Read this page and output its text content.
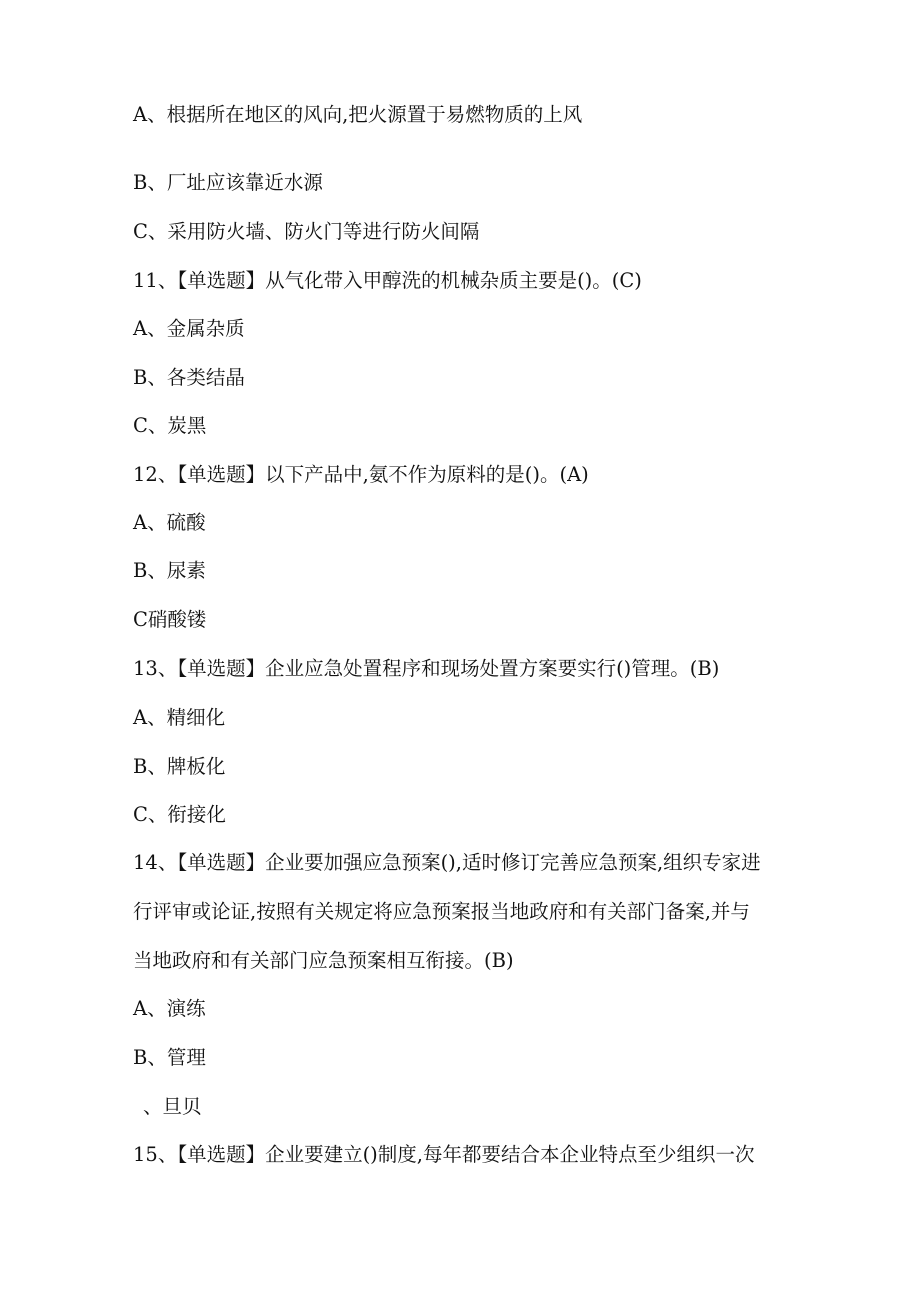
A、根据所在地区的风向,把火源置于易燃物质的上风
B、厂址应该靠近水源
C、采用防火墙、防火门等进行防火间隔
11、【单选题】从气化带入甲醇洗的机械杂质主要是()。(C)
A、金属杂质
B、各类结晶
C、炭黑
12、【单选题】以下产品中,氨不作为原料的是()。(A)
A、硫酸
B、尿素
C硝酸镂
13、【单选题】企业应急处置程序和现场处置方案要实行()管理。(B)
A、精细化
B、牌板化
C、衔接化
14、【单选题】企业要加强应急预案(),适时修订完善应急预案,组织专家进
行评审或论证,按照有关规定将应急预案报当地政府和有关部门备案,并与
当地政府和有关部门应急预案相互衔接。(B)
A、演练
B、管理
、旦贝
15、【单选题】企业要建立()制度,每年都要结合本企业特点至少组织一次
